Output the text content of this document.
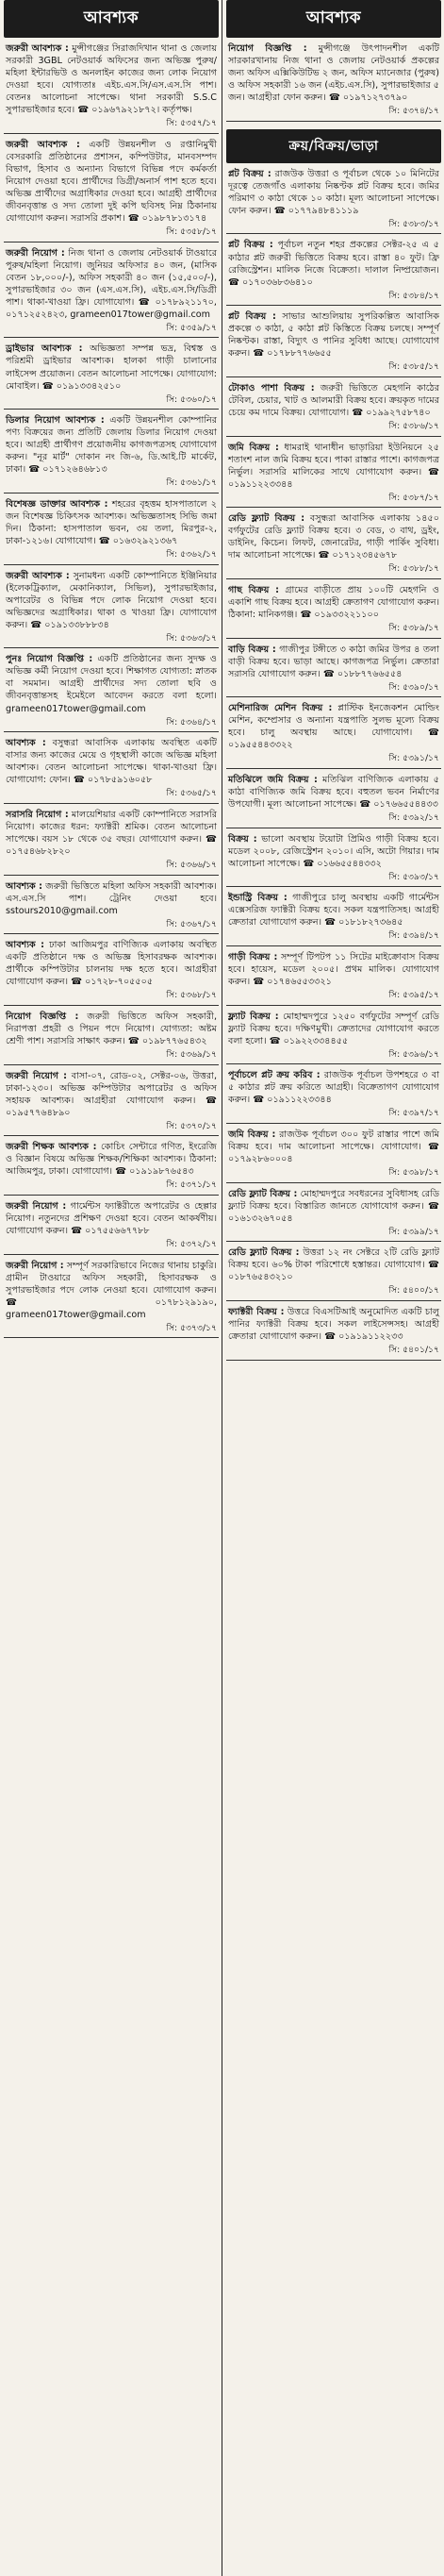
আবশ্যক
জরুরী আবশ্যক : মুন্সীগঞ্জের সিরাজদিখান থানা ও জেলায় সরকারী 3GBL নেটওয়ার্ক অফিসের জন্য অভিজ্ঞ পুরুষ/মহিলা ইন্টারভিউ ও অনলাইন কাজের জন্য লোক নিয়োগ দেওয়া হবে। যোগ্যতাঃ এইচ.এস.সি/এস.এস.সি পাশ। বেতনঃ আলোচনা সাপেক্ষে। থানা সরকারী S.S.C সুপারভাইজার হবে। ☎ ০১৯৬৭৯২১৮৭২। কর্তৃপক্ষ।
সি: ৫৩৫৭/১৭
জরুরী আবশ্যক : একটি উন্নয়নশীল ও রপ্তানিমুখী বেসরকারি প্রতিষ্ঠানের প্রশাসন, কম্পিউটার, মানবসম্পদ বিভাগ, হিসাব ও অন্যান্য বিভাগে বিভিন্ন পদে কর্মকর্তা নিয়োগ দেওয়া হবে। প্রার্থীদের ডিগ্রী/অনার্স পাশ হতে হবে। অভিজ্ঞ প্রার্থীদের অগ্রাধিকার দেওয়া হবে। আগ্রহী প্রার্থীদের জীবনবৃত্তান্ত ও সদ্য তোলা দুই কপি ছবিসহ নিম্ন ঠিকানায় যোগাযোগ করুন। সরাসরি প্রকাশ। ☎ ০১৯৮৭৮১৩১৭৪
সি: ৫৩৫৮/১৭
জরুরী নিয়োগ : নিজ থানা ও জেলায় নেটওয়ার্ক টাওয়ারে পুরুষ/মহিলা নিয়োগ। জুনিয়র অফিসার ৪০ জন, (মাসিক বেতন ১৮,০০০/-), অফিস সহকারী ৪০ জন (১৫,৫০০/-), সুপারভাইজার ৩০ জন (এস.এস.সি), এইচ.এস.সি/ডিগ্রী পাশ। থাকা-খাওয়া ফ্রি। যোগাযোগ। ☎ ০১৭৮৯২১১৭০, ০১৭১২৫২৪২৩, grameen017tower@gmail.com
সি: ৫৩৫৯/১৭
ড্রাইভার আবশ্যক : অভিজ্ঞতা সম্পন্ন ভদ্র, বিশ্বস্ত ও পরিশ্রমী ড্রাইভার আবশ্যক। হালকা গাড়ী চালানোর লাইসেন্স প্রয়োজন। বেতন আলোচনা সাপেক্ষে। যোগাযোগ: মোবাইল। ☎ ০১৯১৩৩৪২৫১০
সি: ৫৩৬০/১৭
ডিলার নিয়োগ আবশ্যক : একটি উন্নয়নশীল কোম্পানির পণ্য বিক্রয়ের জন্য প্রতিটি জেলায় ডিলার নিয়োগ দেওয়া হবে। আগ্রহী প্রার্থীগণ প্রয়োজনীয় কাগজপত্রসহ যোগাযোগ করুন। "নূর মার্ট" দোকান নং জি-৬, ডি.আই.টি মার্কেট, ঢাকা। ☎ ০১৭১২৬৪৬৮১৩
সি: ৫৩৬১/১৭
বিশেষজ্ঞ ডাক্তার আবশ্যক : শহরের বৃহত্তম হাসপাতালে ২ জন বিশেষজ্ঞ চিকিৎসক আবশ্যক। অভিজ্ঞতাসহ সিভি জমা দিন। ঠিকানা: হাসপাতাল ভবন, ৩য় তলা, মিরপুর-২, ঢাকা-১২১৬। যোগাযোগ। ☎ ০১৬৩২৯২১৩৬৭
সি: ৫৩৬২/১৭
জরুরী আবশ্যক : সুনামধন্য একটি কোম্পানিতে ইঞ্জিনিয়ার (ইলেকট্রিক্যাল, মেকানিক্যাল, সিভিল), সুপারভাইজার, অপারেটর ও বিভিন্ন পদে লোক নিয়োগ দেওয়া হবে। অভিজ্ঞদের অগ্রাধিকার। থাকা ও খাওয়া ফ্রি। যোগাযোগ করুন। ☎ ০১৯১৩৩৮৮৮৩৪
সি: ৫৩৬৩/১৭
পুনঃ নিয়োগ বিজ্ঞপ্তি : একটি প্রতিষ্ঠানের জন্য সুদক্ষ ও অভিজ্ঞ কর্মী নিয়োগ দেওয়া হবে। শিক্ষাগত যোগ্যতা: স্নাতক বা সমমান। আগ্রহী প্রার্থীদের সদ্য তোলা ছবি ও জীবনবৃত্তান্তসহ ইমেইলে আবেদন করতে বলা হলো। grameen017tower@gmail.com
সি: ৫৩৬৪/১৭
আবশ্যক : বসুন্ধরা আবাসিক এলাকায় অবস্থিত একটি বাসার জন্য কাজের মেয়ে ও গৃহস্থালী কাজে অভিজ্ঞ মহিলা আবশ্যক। বেতন আলোচনা সাপেক্ষে। থাকা-খাওয়া ফ্রি। যোগাযোগ: ফোন। ☎ ০১৭৮৫৯১৬০৫৮
সি: ৫৩৬৫/১৭
সরাসরি নিয়োগ : মালয়েশিয়ার একটি কোম্পানিতে সরাসরি নিয়োগ। কাজের ধরন: ফ্যাক্টরী শ্রমিক। বেতন আলোচনা সাপেক্ষে। বয়স ১৮ থেকে ৩৫ বছর। যোগাযোগ করুন। ☎ ০১৭৫৪৬৮২৮২০
সি: ৫৩৬৬/১৭
আবশ্যক : জরুরী ভিত্তিতে মহিলা অফিস সহকারী আবশ্যক। এস.এস.সি পাশ। ট্রেনিং দেওয়া হবে। sstours2010@gmail.com
সি: ৫৩৬৭/১৭
আবশ্যক : ঢাকা আজিমপুর বাণিজ্যিক এলাকায় অবস্থিত একটি প্রতিষ্ঠানে দক্ষ ও অভিজ্ঞ হিসাবরক্ষক আবশ্যক। প্রার্থীকে কম্পিউটার চালনায় দক্ষ হতে হবে। আগ্রহীরা যোগাযোগ করুন। ☎ ০১৭২৮-৭০৫৫০৫
সি: ৫৩৬৮/১৭
নিয়োগ বিজ্ঞপ্তি : জরুরী ভিত্তিতে অফিস সহকারী, নিরাপত্তা প্রহরী ও পিয়ন পদে নিয়োগ। যোগ্যতা: অষ্টম শ্রেণী পাশ। সরাসরি সাক্ষাৎ করুন। ☎ ০১৯৮৭৭৬৫৪৩২
সি: ৫৩৬৯/১৭
জরুরী নিয়োগ : বাসা-০৭, রোড-০২, সেক্টর-০৬, উত্তরা, ঢাকা-১২৩০। অভিজ্ঞ কম্পিউটার অপারেটর ও অফিস সহায়ক আবশ্যক। আগ্রহীরা যোগাযোগ করুন। ☎ ০১৯৫৭৭৬৪৮৯০
সি: ৫৩৭০/১৭
জরুরী শিক্ষক আবশ্যক : কোচিং সেন্টারে গণিত, ইংরেজি ও বিজ্ঞান বিষয়ে অভিজ্ঞ শিক্ষক/শিক্ষিকা আবশ্যক। ঠিকানা: আজিমপুর, ঢাকা। যোগাযোগ। ☎ ০১৯১৯৮৭৬৫৪৩
সি: ৫৩৭১/১৭
জরুরী নিয়োগ : গার্মেন্টস ফ্যাক্টরীতে অপারেটর ও হেল্পার নিয়োগ। নতুনদের প্রশিক্ষণ দেওয়া হবে। বেতন আকর্ষণীয়। যোগাযোগ করুন। ☎ ০১৭৫৫৬৬৭৭৮৮
সি: ৫৩৭২/১৭
জরুরী নিয়োগ : সম্পূর্ণ সরকারিভাবে নিজের থানায় চাকুরি। গ্রামীন টাওয়ারে অফিস সহকারী, হিসাবরক্ষক ও সুপারভাইজার পদে লোক নেওয়া হবে। যোগাযোগ করুন। ☎ ০১৭৮১২৯১৯০, grameen017tower@gmail.com
সি: ৫৩৭৩/১৭
আবশ্যক
নিয়োগ বিজ্ঞপ্তি : মুন্সীগঞ্জে উৎপাদনশীল একটি সারকারখানায় নিজ থানা ও জেলায় নেটওয়ার্ক প্রকল্পের জন্য অফিস এক্সিকিউটিভ ২ জন, অফিস ম্যানেজার (পুরুষ) ও অফিস সহকারী ১৬ জন (এইচ.এস.সি), সুপারভাইজার ৫ জন। আগ্রহীরা ফোন করুন। ☎ ০১৯৭১২৭৩৭৯০
সি: ৫৩৭৪/১৭
ক্রয়/বিক্রয়/ভাড়া
প্লট বিক্রয় : রাজউক উত্তরা ও পূর্বাচল থেকে ১০ মিনিটের দূরত্বে তেজগাঁও এলাকায় নিষ্কণ্টক প্লট বিক্রয় হবে। জমির পরিমাণ ৩ কাঠা থেকে ১০ কাঠা। মূল্য আলোচনা সাপেক্ষে। ফোন করুন। ☎ ০১৭৭৯৪৮৪১১১৯
সি: ৫৩৮৩/১৭
প্লট বিক্রয় : পূর্বাচল নতুন শহর প্রকল্পের সেক্টর-২৫ এ ৫ কাঠার প্লট জরুরী ভিত্তিতে বিক্রয় হবে। রাস্তা ৪০ ফুট। ফ্রি রেজিস্ট্রেশন। মালিক নিজে বিক্রেতা। দালাল নিষ্প্রয়োজন। ☎ ০১৭০৩৬৮৩৬৪১০
সি: ৫৩৮৪/১৭
প্লট বিক্রয় : সাভার আশুলিয়ায় সুপরিকল্পিত আবাসিক প্রকল্পে ৩ কাঠা, ৫ কাঠা প্লট কিস্তিতে বিক্রয় চলছে। সম্পূর্ণ নিষ্কণ্টক। রাস্তা, বিদ্যুৎ ও পানির সুবিধা আছে। যোগাযোগ করুন। ☎ ০১৭৮৮৭৭৬৬৫৫
সি: ৫৩৮৫/১৭
টোকাও পাশা বিক্রয় : জরুরী ভিত্তিতে মেহগনি কাঠের টেবিল, চেয়ার, খাট ও আলমারী বিক্রয় হবে। ক্রয়কৃত দামের চেয়ে কম দামে বিক্রয়। যোগাযোগ। ☎ ০১৯৯২৭৫৮৭৪০
সি: ৫৩৮৬/১৭
জমি বিক্রয় : ধামরাই থানাধীন ভাড়ারিয়া ইউনিয়নে ২৫ শতাংশ নাল জমি বিক্রয় হবে। পাকা রাস্তার পাশে। কাগজপত্র নির্ভুল। সরাসরি মালিকের সাথে যোগাযোগ করুন। ☎ ০১৯১১২২৩৩৪৪
সি: ৫৩৮৭/১৭
রেডি ফ্ল্যাট বিক্রয় : বসুন্ধরা আবাসিক এলাকায় ১৪৫০ বর্গফুটের রেডি ফ্ল্যাট বিক্রয় হবে। ৩ বেড, ৩ বাথ, ড্রইং, ডাইনিং, কিচেন। লিফট, জেনারেটর, গাড়ী পার্কিং সুবিধা। দাম আলোচনা সাপেক্ষে। ☎ ০১৭১২৩৪৫৬৭৮
সি: ৫৩৮৮/১৭
গাছ বিক্রয় : গ্রামের বাড়ীতে প্রায় ১০০টি মেহগনি ও একাশি গাছ বিক্রয় হবে। আগ্রহী ক্রেতাগণ যোগাযোগ করুন। ঠিকানা: মানিকগঞ্জ। ☎ ০১৯৩৩২২১১০০
সি: ৫৩৮৯/১৭
বাড়ি বিক্রয় : গাজীপুর টঙ্গীতে ৩ কাঠা জমির উপর ৪ তলা বাড়ী বিক্রয় হবে। ভাড়া আছে। কাগজপত্র নির্ভুল। ক্রেতারা সরাসরি যোগাযোগ করুন। ☎ ০১৮৮৭৭৬৬৫৫৪
সি: ৫৩৯০/১৭
মেশিনারিজ মেশিন বিক্রয় : প্লাস্টিক ইনজেকশন মোল্ডিং মেশিন, কম্প্রেসার ও অন্যান্য যন্ত্রপাতি সুলভ মূল্যে বিক্রয় হবে। চালু অবস্থায় আছে। যোগাযোগ। ☎ ০১৯৫৫৪৪৩৩২২
সি: ৫৩৯১/১৭
মতিঝিলে জমি বিক্রয় : মতিঝিল বাণিজ্যিক এলাকায় ৫ কাঠা বাণিজ্যিক জমি বিক্রয় হবে। বহুতল ভবন নির্মাণের উপযোগী। মূল্য আলোচনা সাপেক্ষে। ☎ ০১৭৬৬৫৫৪৪৩৩
সি: ৫৩৯২/১৭
বিক্রয় : ভালো অবস্থায় টয়োটা প্রিমিও গাড়ী বিক্রয় হবে। মডেল ২০০৮, রেজিস্ট্রেশন ২০১০। এসি, অটো গিয়ার। দাম আলোচনা সাপেক্ষে। ☎ ০১৬৬৫৫৪৪৩৩২
সি: ৫৩৯৩/১৭
ইন্ডাস্ট্রি বিক্রয় : গাজীপুরে চালু অবস্থায় একটি গার্মেন্টস এক্সেসরিজ ফ্যাক্টরী বিক্রয় হবে। সকল যন্ত্রপাতিসহ। আগ্রহী ক্রেতারা যোগাযোগ করুন। ☎ ০১৮১৮২৭৩৬৪৫
সি: ৫৩৯৪/১৭
গাড়ী বিক্রয় : সম্পূর্ণ টিপটপ ১১ সিটের মাইক্রোবাস বিক্রয় হবে। হায়েস, মডেল ২০০৫। প্রথম মালিক। যোগাযোগ করুন। ☎ ০১৭৪৬৫৫৩৩২১
সি: ৫৩৯৫/১৭
ফ্ল্যাট বিক্রয় : মোহাম্মদপুরে ১২৫০ বর্গফুটের সম্পূর্ণ রেডি ফ্ল্যাট বিক্রয় হবে। দক্ষিণমুখী। ক্রেতাদের যোগাযোগ করতে বলা হলো। ☎ ০১৯২২৩৩৪৪৫৫
সি: ৫৩৯৬/১৭
পূর্বাচলে প্লট ক্রয় করিব : রাজউক পূর্বাচল উপশহরে ৩ বা ৫ কাঠার প্লট ক্রয় করিতে আগ্রহী। বিক্রেতাগণ যোগাযোগ করুন। ☎ ০১৯১১২২৩৩৪৪
সি: ৫৩৯৭/১৭
জমি বিক্রয় : রাজউক পূর্বাচল ৩০০ ফুট রাস্তার পাশে জমি বিক্রয় হবে। দাম আলোচনা সাপেক্ষে। যোগাযোগ। ☎ ০১৭৯২৮৬০০০৪
সি: ৫৩৯৮/১৭
রেডি ফ্ল্যাট বিক্রয় : মোহাম্মদপুরে সবধরনের সুবিধাসহ রেডি ফ্ল্যাট বিক্রয় হবে। বিস্তারিত জানতে যোগাযোগ করুন। ☎ ০১৬১৩২৬৭০৫৪
সি: ৫৩৯৯/১৭
রেডি ফ্ল্যাট বিক্রয় : উত্তরা ১২ নং সেক্টরে ২টি রেডি ফ্ল্যাট বিক্রয় হবে। ৬০% টাকা পরিশোধে হস্তান্তর। যোগাযোগ। ☎ ০১৮৭৬৫৪৩২১০
সি: ৫৪০০/১৭
ফ্যাক্টরী বিক্রয় : উত্তরে বিএসটিআই অনুমোদিত একটি চালু পানির ফ্যাক্টরী বিক্রয় হবে। সকল লাইসেন্সসহ। আগ্রহী ক্রেতারা যোগাযোগ করুন। ☎ ০১৯১৯১১২২৩৩
সি: ৫৪০১/১৭
